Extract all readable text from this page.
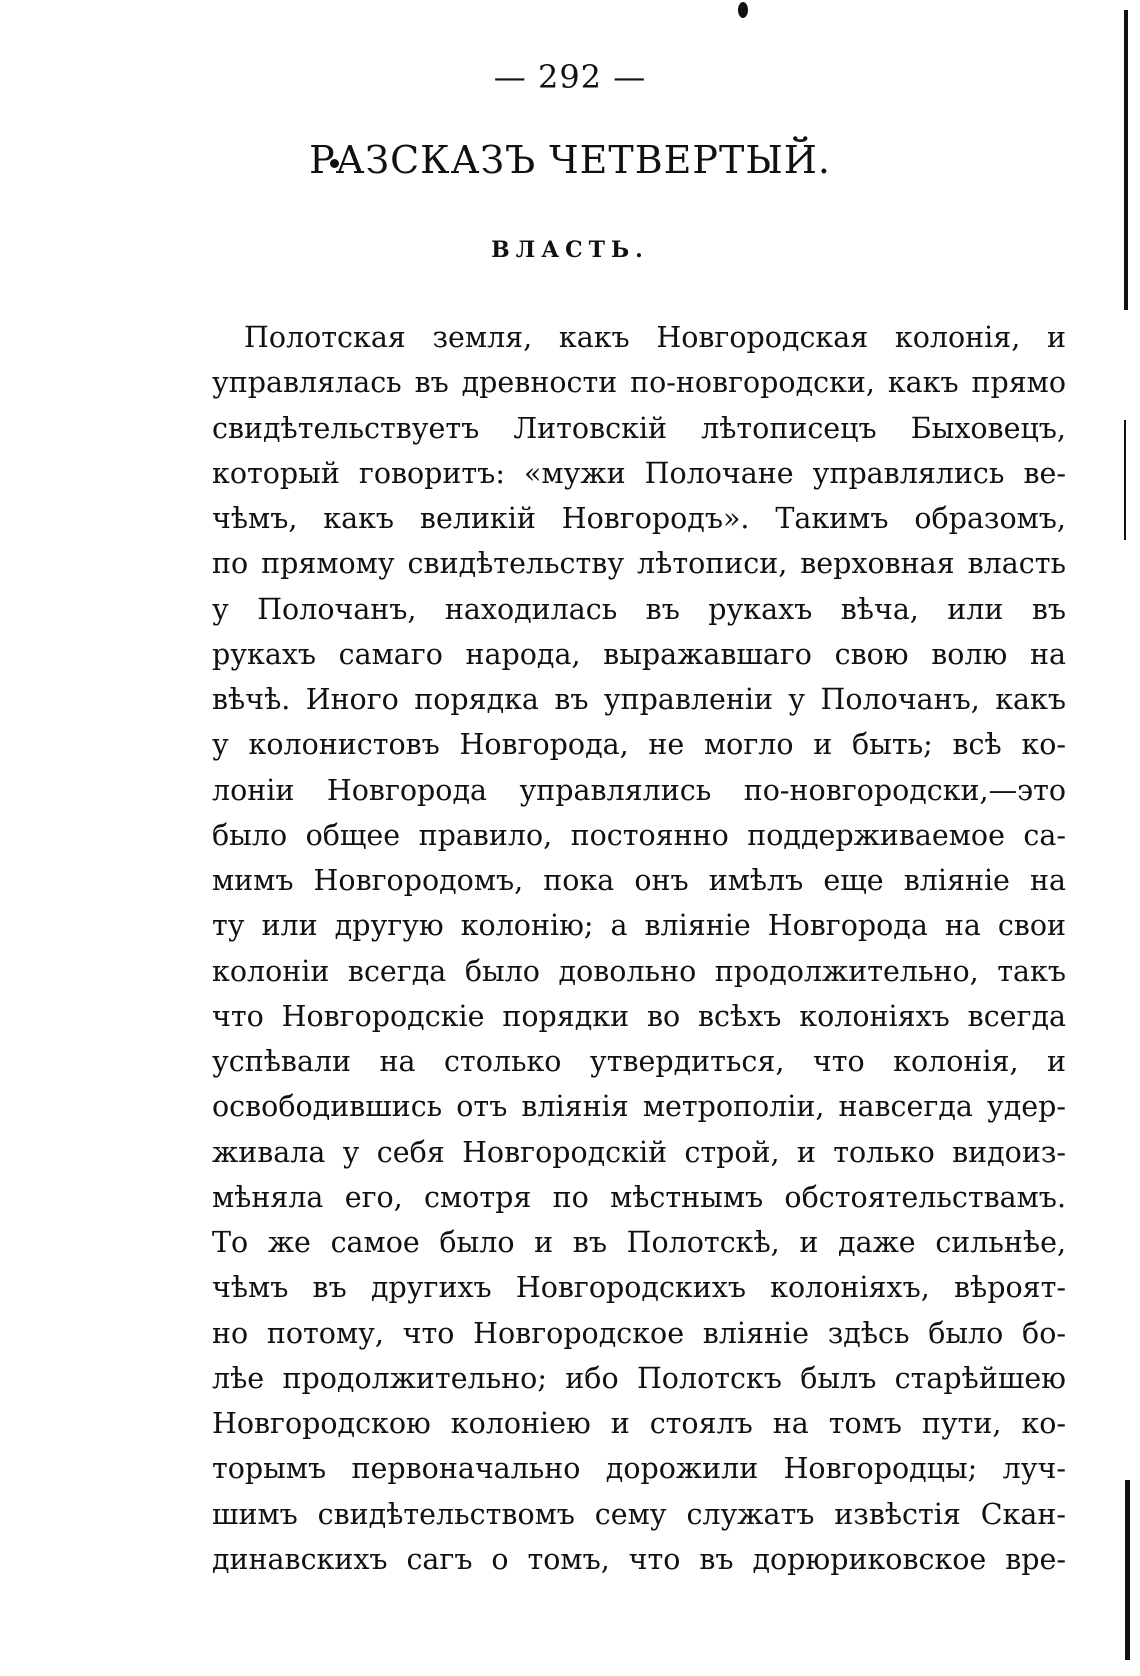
— 292 —
РАЗСКАЗЪ ЧЕТВЕРТЫЙ.
ВЛАСТЬ.
Полотская земля, какъ Новгородская колонія, и
управлялась въ древности по-новгородски, какъ прямо
свидѣтельствуетъ Литовскій лѣтописецъ Быховецъ,
который говоритъ: «мужи Полочане управлялись ве-
чѣмъ, какъ великій Новгородъ». Такимъ образомъ,
по прямому свидѣтельству лѣтописи, верховная власть
у Полочанъ, находилась въ рукахъ вѣча, или въ
рукахъ самаго народа, выражавшаго свою волю на
вѣчѣ. Иного порядка въ управленіи у Полочанъ, какъ
у колонистовъ Новгорода, не могло и быть; всѣ ко-
лоніи Новгорода управлялись по-новгородски,—это
было общее правило, постоянно поддерживаемое са-
мимъ Новгородомъ, пока онъ имѣлъ еще вліяніе на
ту или другую колонію; а вліяніе Новгорода на свои
колоніи всегда было довольно продолжительно, такъ
что Новгородскіе порядки во всѣхъ колоніяхъ всегда
успѣвали на столько утвердиться, что колонія, и
освободившись отъ вліянія метрополіи, навсегда удер-
живала у себя Новгородскій строй, и только видоиз-
мѣняла его, смотря по мѣстнымъ обстоятельствамъ.
То же самое было и въ Полотскѣ, и даже сильнѣе,
чѣмъ въ другихъ Новгородскихъ колоніяхъ, вѣроят-
но потому, что Новгородское вліяніе здѣсь было бо-
лѣе продолжительно; ибо Полотскъ былъ старѣйшею
Новгородскою колоніею и стоялъ на томъ пути, ко-
торымъ первоначально дорожили Новгородцы; луч-
шимъ свидѣтельствомъ сему служатъ извѣстія Скан-
динавскихъ сагъ о томъ, что въ дорюриковское вре-
